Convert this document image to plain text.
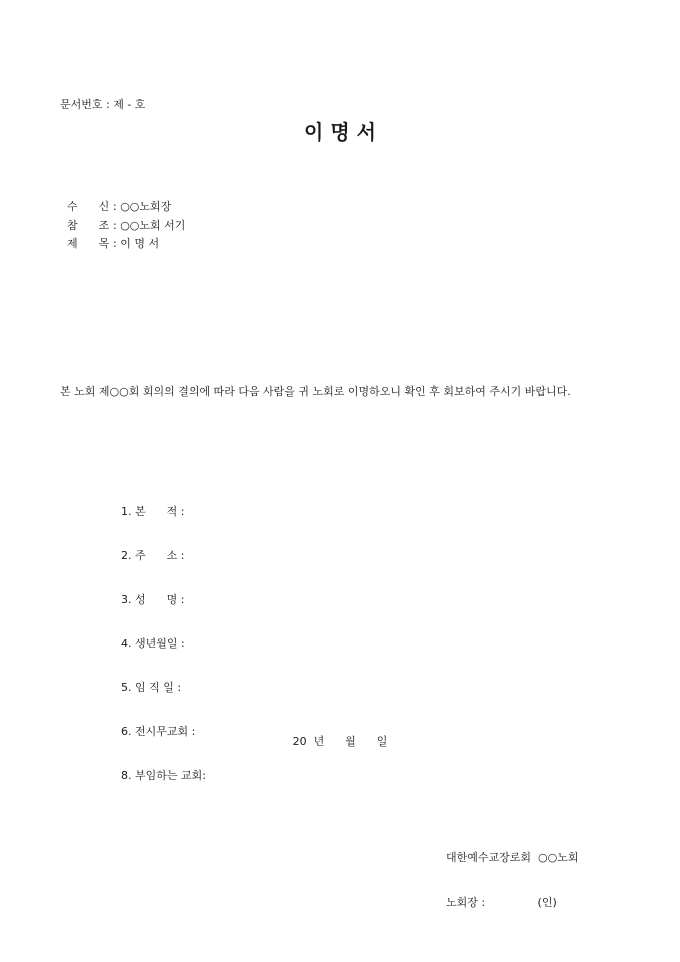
문서번호 : 제 - 호
이 명 서

수      신 : ○○노회장

참      조 : ○○노회 서기

제      목 : 이 명 서

본 노회 제○○회 회의의 결의에 따라 다음 사람을 귀 노회로 이명하오니 확인 후 회보하여 주시기 바랍니다.

1. 본      적 :

2. 주      소 :

3. 성      명 :

4. 생년월일 :

5. 임 직 일 :

6. 전시무교회 :

8. 부임하는 교회:

20  년      월      일

대한예수교장로회  ○○노회

노회장 :               (인)
